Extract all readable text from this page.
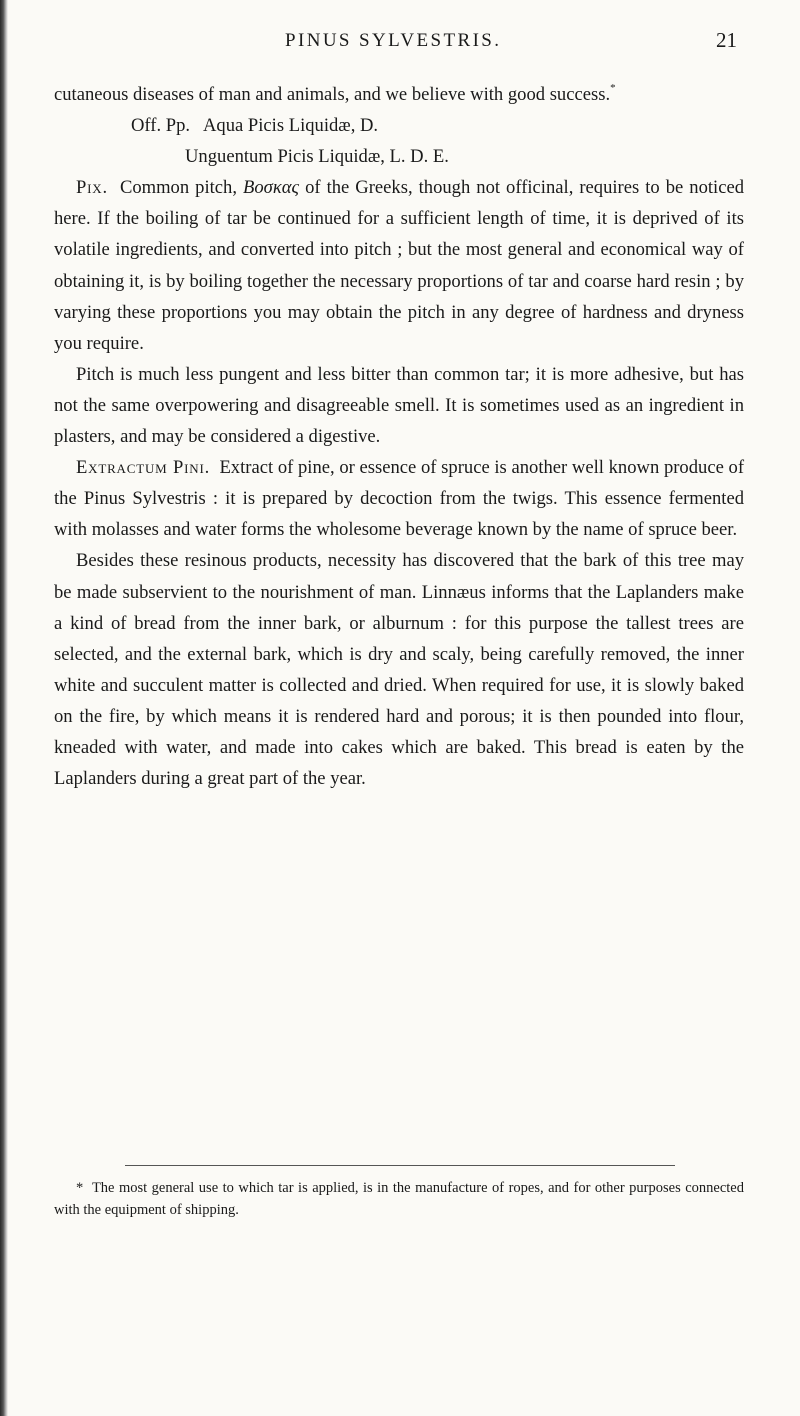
PINUS SYLVESTRIS.	21

cutaneous diseases of man and animals, and we believe with good success.*

Off. Pp. Aqua Picis Liquidæ, D.

Unguentum Picis Liquidæ, L. D. E.

Pix. Common pitch, Βοσκας of the Greeks, though not officinal, requires to be noticed here. If the boiling of tar be continued for a sufficient length of time, it is deprived of its volatile ingredients, and converted into pitch ; but the most general and economical way of obtaining it, is by boiling together the necessary proportions of tar and coarse hard resin ; by varying these proportions you may obtain the pitch in any degree of hardness and dryness you require.

Pitch is much less pungent and less bitter than common tar; it is more adhesive, but has not the same overpowering and disagreeable smell. It is sometimes used as an ingredient in plasters, and may be considered a digestive.

Extractum Pini. Extract of pine, or essence of spruce is another well known produce of the Pinus Sylvestris : it is prepared by decoction from the twigs. This essence fermented with molasses and water forms the wholesome beverage known by the name of spruce beer.

Besides these resinous products, necessity has discovered that the bark of this tree may be made subservient to the nourishment of man. Linnæus informs that the Laplanders make a kind of bread from the inner bark, or alburnum : for this purpose the tallest trees are selected, and the external bark, which is dry and scaly, being carefully removed, the inner white and succulent matter is collected and dried. When required for use, it is slowly baked on the fire, by which means it is rendered hard and porous; it is then pounded into flour, kneaded with water, and made into cakes which are baked. This bread is eaten by the Laplanders during a great part of the year.

* The most general use to which tar is applied, is in the manufacture of ropes, and for other purposes connected with the equipment of shipping.
